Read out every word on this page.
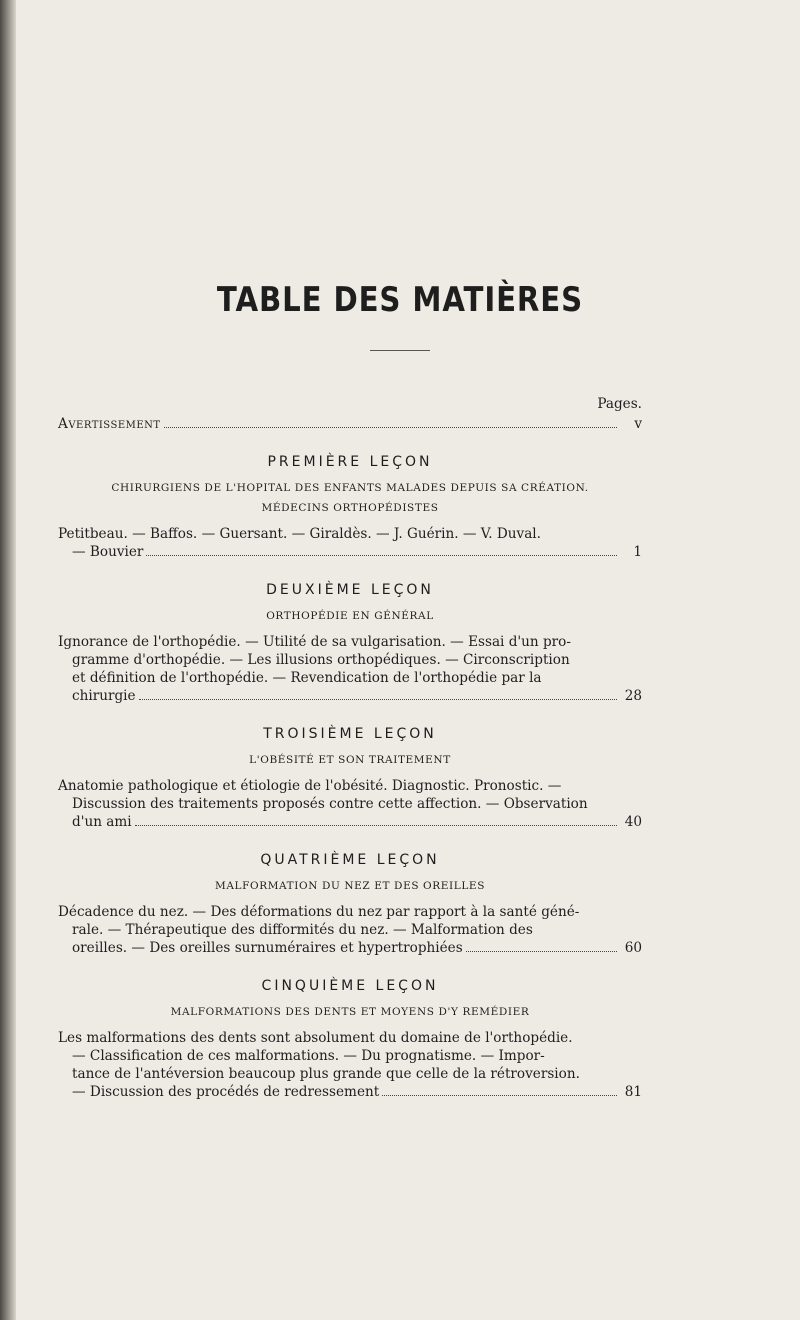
TABLE DES MATIÈRES
Pages.
Avertissement	v
PREMIÈRE LEÇON
CHIRURGIENS DE L'HOPITAL DES ENFANTS MALADES DEPUIS SA CRÉATION.
MÉDECINS ORTHOPÉDISTES

Petitbeau. — Baffos. — Guersant. — Giraldès. — J. Guérin. — V. Duval.

— Bouvier	1
DEUXIÈME LEÇON
ORTHOPÉDIE EN GÉNÉRAL

Ignorance de l'orthopédie. — Utilité de sa vulgarisation. — Essai d'un pro-

gramme d'orthopédie. — Les illusions orthopédiques. — Circonscription

et définition de l'orthopédie. — Revendication de l'orthopédie par la

chirurgie	28
TROISIÈME LEÇON
L'OBÉSITÉ ET SON TRAITEMENT

Anatomie pathologique et étiologie de l'obésité. Diagnostic. Pronostic. —

Discussion des traitements proposés contre cette affection. — Observation

d'un ami	40
QUATRIÈME LEÇON
MALFORMATION DU NEZ ET DES OREILLES

Décadence du nez. — Des déformations du nez par rapport à la santé géné-

rale. — Thérapeutique des difformités du nez. — Malformation des

oreilles. — Des oreilles surnuméraires et hypertrophiées	60
CINQUIÈME LEÇON
MALFORMATIONS DES DENTS ET MOYENS D'Y REMÉDIER

Les malformations des dents sont absolument du domaine de l'orthopédie.

— Classification de ces malformations. — Du prognatisme. — Impor-

tance de l'antéversion beaucoup plus grande que celle de la rétroversion.

— Discussion des procédés de redressement	81
